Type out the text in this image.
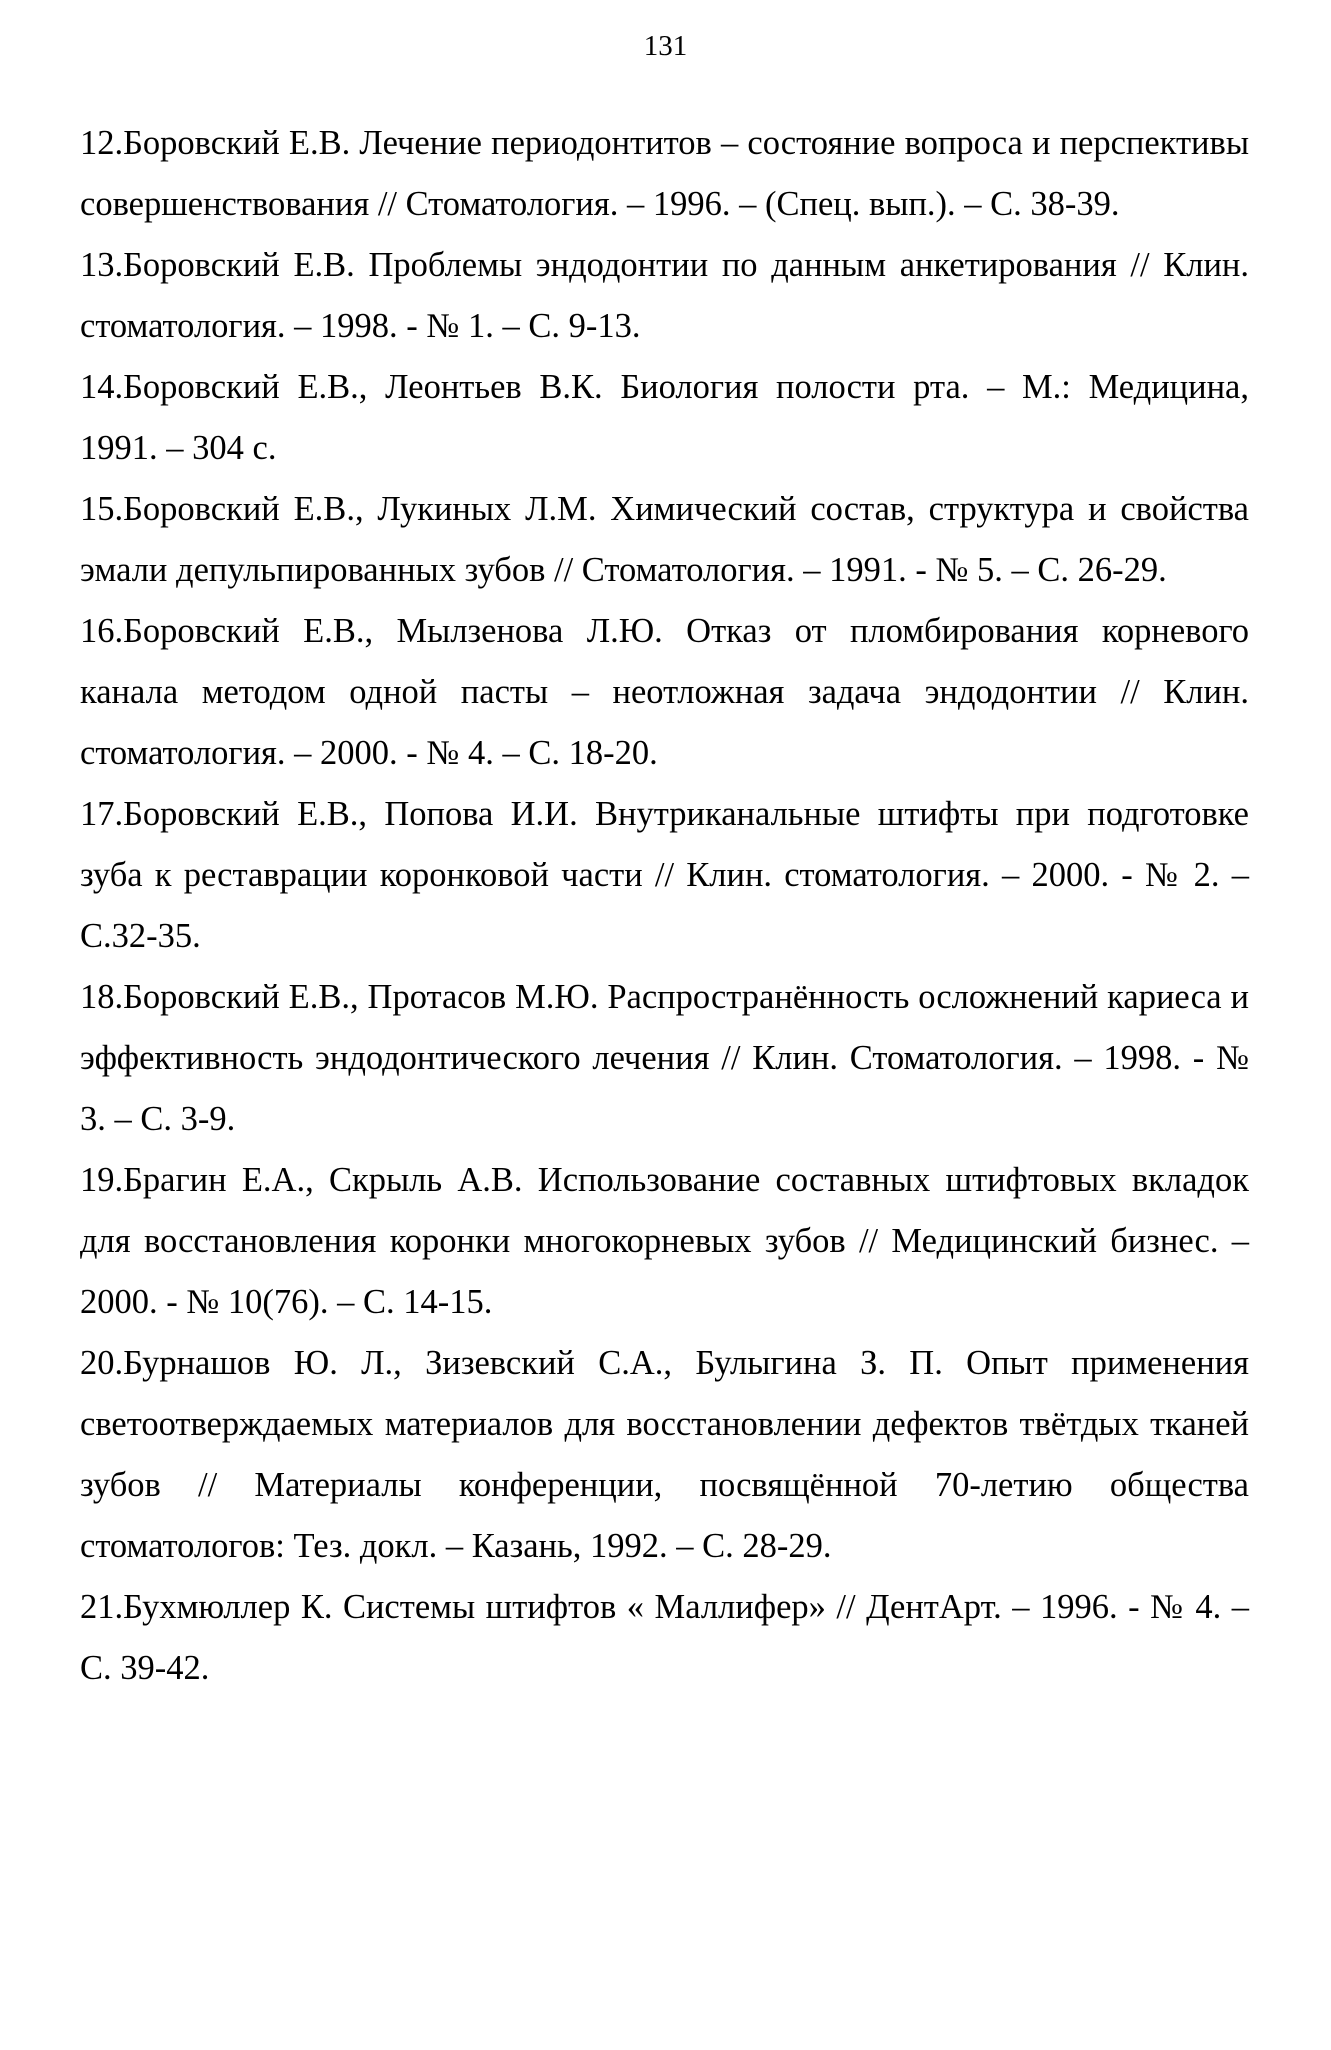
131
12.Боровский Е.В. Лечение периодонтитов – состояние вопроса и перспективы совершенствования // Стоматология. – 1996. – (Спец. вып.). – С. 38-39.
13.Боровский Е.В. Проблемы эндодонтии по данным анкетирования // Клин. стоматология. – 1998. - № 1. – С. 9-13.
14.Боровский Е.В., Леонтьев В.К. Биология полости рта. – М.: Медицина, 1991. – 304 с.
15.Боровский Е.В., Лукиных Л.М. Химический состав, структура и свойства эмали депульпированных зубов // Стоматология. – 1991. - № 5. – С. 26-29.
16.Боровский Е.В., Мылзенова Л.Ю. Отказ от пломбирования корневого канала методом одной пасты – неотложная задача эндодонтии // Клин. стоматология. – 2000. - № 4. – С. 18-20.
17.Боровский Е.В., Попова И.И. Внутриканальные штифты при подготовке зуба к реставрации коронковой части // Клин. стоматология. – 2000. - № 2. – С.32-35.
18.Боровский Е.В., Протасов М.Ю. Распространённость осложнений кариеса и эффективность эндодонтического лечения // Клин. Стоматология. – 1998. - № 3. – С. 3-9.
19.Брагин Е.А., Скрыль А.В. Использование составных штифтовых вкладок для восстановления коронки многокорневых зубов // Медицинский бизнес. – 2000. - № 10(76). – С. 14-15.
20.Бурнашов Ю. Л., Зизевский С.А., Булыгина З. П. Опыт применения светоотверждаемых материалов для восстановлении дефектов твётдых тканей зубов // Материалы конференции, посвящённой 70-летию общества стоматологов: Тез. докл. – Казань, 1992. – С. 28-29.
21.Бухмюллер К. Системы штифтов « Маллифер» // ДентАрт. – 1996. - № 4. – С. 39-42.
